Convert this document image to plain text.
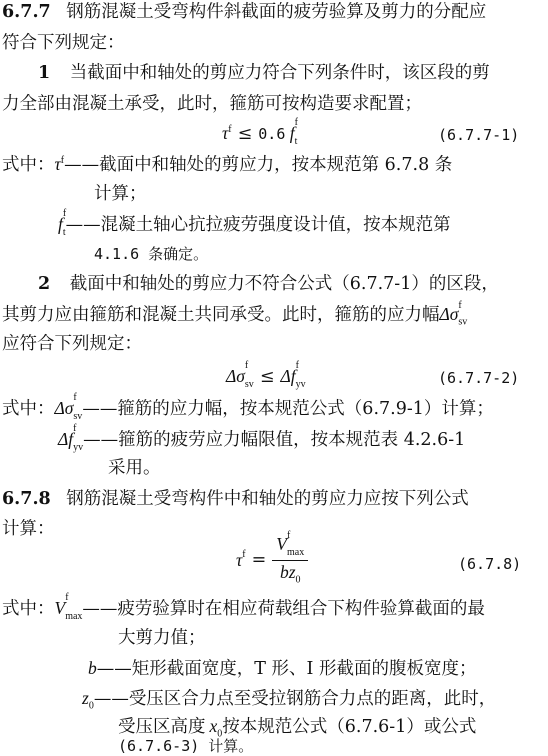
6.7.7 钢筋混凝土受弯构件斜截面的疲劳验算及剪力的分配应
符合下列规定：
1 当截面中和轴处的剪应力符合下列条件时，该区段的剪
力全部由混凝土承受，此时，箍筋可按构造要求配置；
$\tau^f \le 0.6$ f
$_{f t}$	(6.7.7-1)
式中：$\tau^f——$截面中和轴处的剪应力，按本规范第 6.7.8 条
计算；
f
$_{f t}$——混凝土轴心抗拉疲劳强度设计值，按本规范第
4.1.6 条确定。
2 截面中和轴处的剪应力不符合公式（6.7.7-1）的区段，
其剪力应由箍筋和混凝土共同承受。此时，箍筋的应力幅Δσ $^f$
$_{sv}$
应符合下列规定：
Δσ
$_{f sv}$ ≤ Δf
$_{f yv}$	(6.7.7-2)
式中：Δσ
$_{f sv}$——箍筋的应力幅，按本规范公式（6.7.9-1）计算；
Δf
$_{f yv}$——箍筋的疲劳应力幅限值，按本规范表 4.2.6-1
采用。
6.7.8 钢筋混凝土受弯构件中和轴处的剪应力应按下列公式
计算：
$\tau^f = V$ $_{f max}$
$bz_0$	(6.7.8)
式中：V
$_{f max}$——疲劳验算时在相应荷载组合下构件验算截面的最
大剪力值；
b——矩形截面宽度，T 形、I 形截面的腹板宽度；
$z_0——$受压区合力点至受拉钢筋合力点的距离，此时，
受压区高度 $x_0$按本规范公式（6.7.6-1）或公式
(6.7.6-3) 计算。
